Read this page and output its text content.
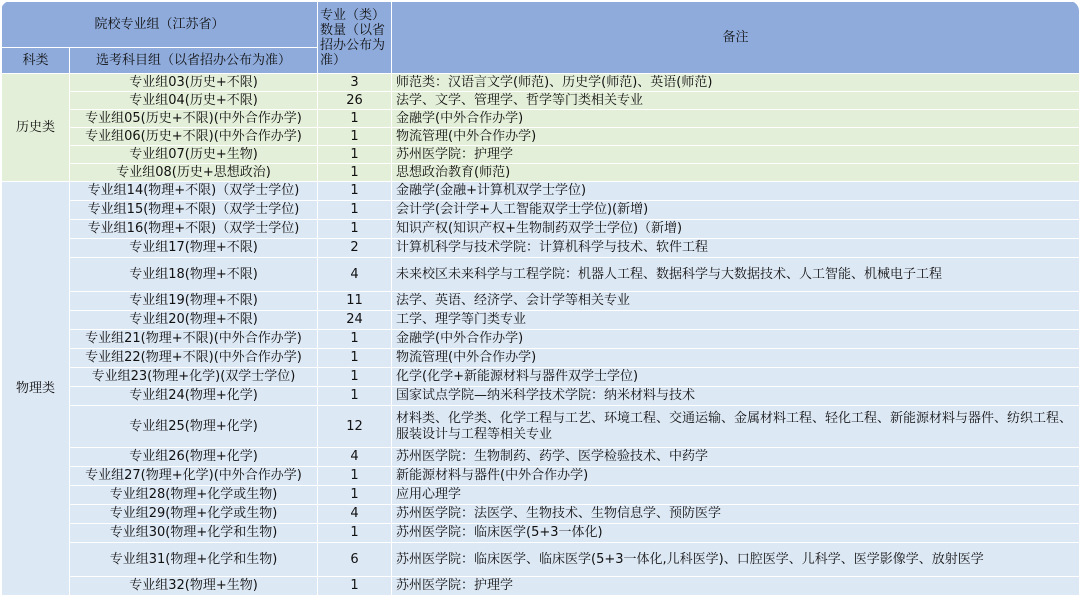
院校专业组（江苏省）		专业（类）数量（以省招办公布为准）	备注
科类	选考科目组（以省招办公布为准）		
历史类	专业组03(历史+不限)	3	师范类：汉语言文学(师范)、历史学(师范)、英语(师范)
	专业组04(历史+不限)	26	法学、文学、管理学、哲学等门类相关专业
	专业组05(历史+不限)(中外合作办学)	1	金融学(中外合作办学)
	专业组06(历史+不限)(中外合作办学)	1	物流管理(中外合作办学)
	专业组07(历史+生物)	1	苏州医学院：护理学
	专业组08(历史+思想政治)	1	思想政治教育(师范)
物理类	专业组14(物理+不限)（双学士学位)	1	金融学(金融+计算机双学士学位)
	专业组15(物理+不限)（双学士学位)	1	会计学(会计学+人工智能双学士学位)(新增)
	专业组16(物理+不限)（双学士学位)	1	知识产权(知识产权+生物制药双学士学位)（新增)
	专业组17(物理+不限)	2	计算机科学与技术学院：计算机科学与技术、软件工程
	专业组18(物理+不限)	4	未来校区未来科学与工程学院：机器人工程、数据科学与大数据技术、人工智能、机械电子工程
	专业组19(物理+不限)	11	法学、英语、经济学、会计学等相关专业
	专业组20(物理+不限)	24	工学、理学等门类专业
	专业组21(物理+不限)(中外合作办学)	1	金融学(中外合作办学)
	专业组22(物理+不限)(中外合作办学)	1	物流管理(中外合作办学)
	专业组23(物理+化学)(双学士学位)	1	化学(化学+新能源材料与器件双学士学位)
	专业组24(物理+化学)	1	国家试点学院—纳米科学技术学院：纳米材料与技术
	专业组25(物理+化学)	12	材料类、化学类、化学工程与工艺、环境工程、交通运输、金属材料工程、轻化工程、新能源材料与器件、纺织工程、服装设计与工程等相关专业
	专业组26(物理+化学)	4	苏州医学院：生物制药、药学、医学检验技术、中药学
	专业组27(物理+化学)(中外合作办学)	1	新能源材料与器件(中外合作办学)
	专业组28(物理+化学或生物)	1	应用心理学
	专业组29(物理+化学或生物)	4	苏州医学院：法医学、生物技术、生物信息学、预防医学
	专业组30(物理+化学和生物)	1	苏州医学院：临床医学(5+3一体化)
	专业组31(物理+化学和生物)	6	苏州医学院：临床医学、临床医学(5+3一体化,儿科医学)、口腔医学、儿科学、医学影像学、放射医学
	专业组32(物理+生物)	1	苏州医学院：护理学
